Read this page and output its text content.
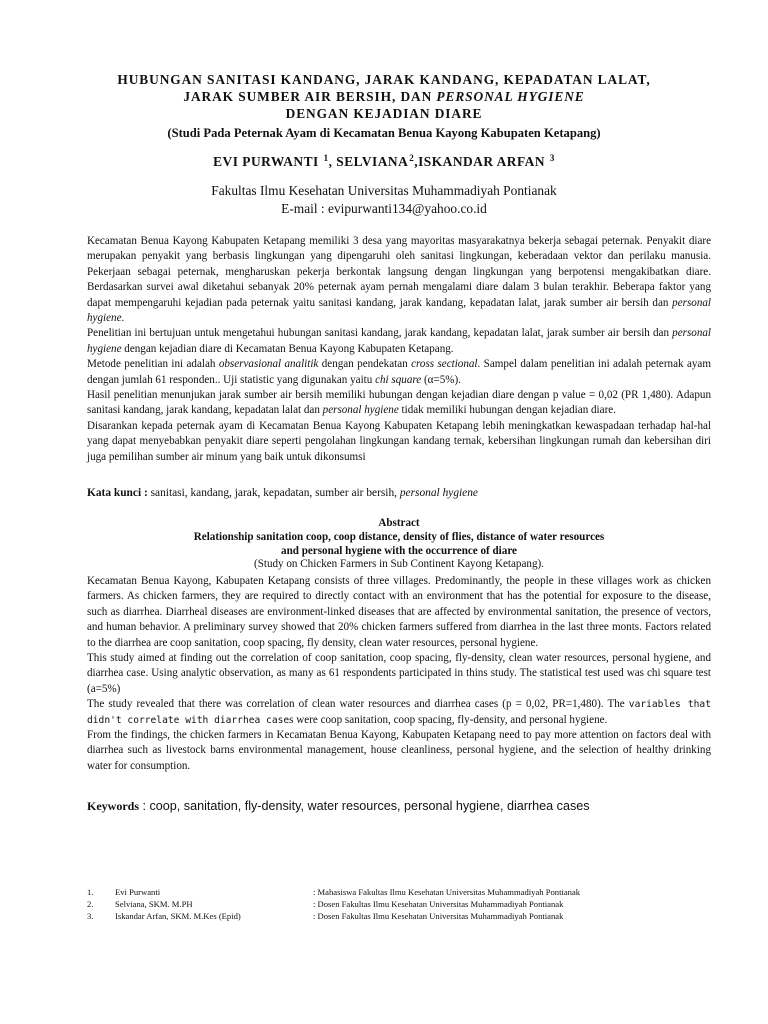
HUBUNGAN SANITASI KANDANG, JARAK KANDANG, KEPADATAN LALAT,
JARAK SUMBER AIR BERSIH, DAN PERSONAL HYGIENE
DENGAN KEJADIAN DIARE
(Studi Pada Peternak Ayam di Kecamatan Benua Kayong Kabupaten Ketapang)
EVI PURWANTI $^1$, SELVIANA$^2$,ISKANDAR ARFAN $^3$
Fakultas Ilmu Kesehatan Universitas Muhammadiyah Pontianak
E-mail : evipurwanti134@yahoo.co.id

Kecamatan Benua Kayong Kabupaten Ketapang memiliki 3 desa yang mayoritas masyarakatnya bekerja sebagai peternak. Penyakit diare merupakan penyakit yang berbasis lingkungan yang dipengaruhi oleh sanitasi lingkungan, keberadaan vektor dan perilaku manusia. Pekerjaan sebagai peternak, mengharuskan pekerja berkontak langsung dengan lingkungan yang berpotensi mengakibatkan diare. Berdasarkan survei awal diketahui sebanyak 20% peternak ayam pernah mengalami diare dalam 3 bulan terakhir. Beberapa faktor yang dapat mempengaruhi kejadian pada peternak yaitu sanitasi kandang, jarak kandang, kepadatan lalat, jarak sumber air bersih dan personal hygiene.

Penelitian ini bertujuan untuk mengetahui hubungan sanitasi kandang, jarak kandang, kepadatan lalat, jarak sumber air bersih dan personal hygiene dengan kejadian diare di Kecamatan Benua Kayong Kabupaten Ketapang.

Metode penelitian ini adalah observasional analitik dengan pendekatan cross sectional. Sampel dalam penelitian ini adalah peternak ayam dengan jumlah 61 responden.. Uji statistic yang digunakan yaitu chi square (α=5%).

Hasil penelitian menunjukan jarak sumber air bersih memiliki hubungan dengan kejadian diare dengan p value = 0,02 (PR 1,480). Adapun sanitasi kandang, jarak kandang, kepadatan lalat dan personal hygiene tidak memiliki hubungan dengan kejadian diare.

Disarankan kepada peternak ayam di Kecamatan Benua Kayong Kabupaten Ketapang lebih meningkatkan kewaspadaan terhadap hal-hal yang dapat menyebabkan penyakit diare seperti pengolahan lingkungan kandang ternak, kebersihan lingkungan rumah dan kebersihan diri juga pemilihan sumber air minum yang baik untuk dikonsumsi

Kata kunci : sanitasi, kandang, jarak, kepadatan, sumber air bersih, personal hygiene
Abstract
Relationship sanitation coop, coop distance, density of flies, distance of water resources
and personal hygiene with the occurrence of diare
(Study on Chicken Farmers in Sub Continent Kayong Ketapang).

Kecamatan Benua Kayong, Kabupaten Ketapang consists of three villages. Predominantly, the people in these villages work as chicken farmers. As chicken farmers, they are required to directly contact with an environment that has the potential for exposure to the disease, such as diarrhea. Diarrheal diseases are environment-linked diseases that are affected by environmental sanitation, the presence of vectors, and human behavior. A preliminary survey showed that 20% chicken farmers suffered from diarrhea in the last three monts. Factors related to the diarrhea are coop sanitation, coop spacing, fly density, clean water resources, personal hygiene.

This study aimed at finding out the correlation of coop sanitation, coop spacing, fly-density, clean water resources, personal hygiene, and diarrhea case. Using analytic observation, as many as 61 respondents participated in thins study. The statistical test used was chi square test (a=5%)

The study revealed that there was correlation of clean water resources and diarrhea cases (p = 0,02, PR=1,480). The variables that didn't correlate with diarrhea cases were coop sanitation, coop spacing, fly-density, and personal hygiene.

From the findings, the chicken farmers in Kecamatan Benua Kayong, Kabupaten Ketapang need to pay more attention on factors deal with diarrhea such as livestock barns environmental management, house cleanliness, personal hygiene, and the selection of healthy drinking water for consumption.

Keywords : coop, sanitation, fly-density, water resources, personal hygiene, diarrhea cases
1.	Evi Purwanti	: Mahasiswa Fakultas Ilmu Kesehatan Universitas Muhammadiyah Pontianak
2.	Selviana, SKM. M.PH	: Dosen Fakultas Ilmu Kesehatan Universitas Muhammadiyah Pontianak
3.	Iskandar Arfan, SKM. M.Kes (Epid)	: Dosen Fakultas Ilmu Kesehatan Universitas Muhammadiyah Pontianak
